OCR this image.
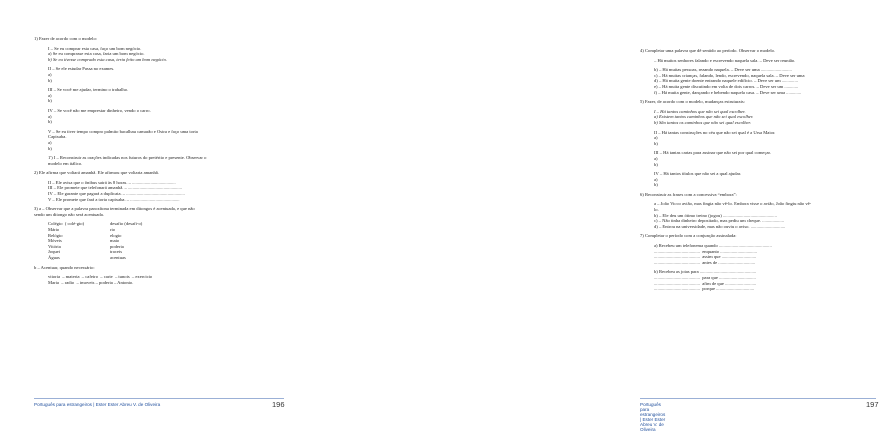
1) Fazer de acordo com o modelo:
I – Se eu comprar esta casa, faço um bom negócio.
a) Se eu comprasse esta casa, faria um bom negócio.
b) Se eu tivesse comprado esta casa, teria feito um bom negócio.
II – Se ele estudar Passa no exames.
a)
b)
III – Se você me ajudar, termino o trabalho.
a)
b)
IV – Se você não me emprestar dinheiro, vendo o carro.
a)
b)
V – Se eu tiver tempo compro palmito bacalhau camarão e Ostra e faço uma torta
Capixaba.
a)
b)
1') I – Reconstruir as orações indicadas nos futuros do pretérito e presente. Observar o
modelo em itálico.
2) Ele afirma que voltará amanhã. Ele afirmou que voltaria amanhã.
II – Ele avisa que o ônibus sairá às 8 horas. – ......................................
III – Ele promete que telefonará amanhã. – ...............................................
IV – Ele garante que pagará a duplicata. – ...................................................
V – Ele promete que fará a torta capixaba. – ...........................................
3) a – Observar que a palavra paroxítona terminada em ditongos é acentuada, e que não
sendo um ditongo não será acentuada.
Colégio  ( colé-gio)	desafio (desafi-o)
Mário	rio
Relógio	elogio
Móveis	maio
Vitória	poderia
Joquei	traceis
Águas	acentuas
b – Acentuar, quando necessário:
vitoria  – materia  – cafeiro  – carie  – tunois  – exercicio
Maria  – radio  – imoveis – poderia – Antonio.
Português para estrangeiros | Ester Ester Abreu V. de Oliveira	196
4) Completar uma palavra que dê sentido ao período. Observar o modelo.
– Há muitos senhores falando e escrevendo naquela sala. – Deve ser reunião.
b) – Há muitas pessoas, rezando naquela. – Deve ser uma ...........................
c) – Há muitas crianças, falando, lendo, escrevendo, naquela sala. – Deve ser uma
d) – Há muita gente doente entrando naquele edifício. – Deve ser um ..............
e) – Há muita gente discutindo em volta de dois carros. – Deve ser um ............
f) – Há muita gente, dançando e bebendo naquela casa. – Deve ser uma .............
5) Fazer, de acordo com o modelo, mudanças estruturais:
I – Há tantos caminhos que não sei qual escolher.
a) Existem tantos caminhos que não sei qual escolher.
b) São tantos os caminhos que não sei qual escolher.
II – Há tantas construções no céu que não sei qual é a Ursa Maior.
a)
b)
III – Há tantas cartas para assinar que não sei por qual começar.
a)
b)
IV – Há tantos títulos que não sei a qual ajudar.
a)
b)
6) Reconstruir as frases com a concessiva “embora”:
a – João Vicco avião, mas fingia não vê-lo. Embora visse o avião, João fingiu não vê-
lo.
b) – Ele deu um ótimo treino (jogou) ...............................................
c) – Não tinha dinheiro depositado, mas pediu um cheque. ...................
d) – Entrou na universidade, mas não ouviu o aviso. ..............................
7) Completar o período com a conjunção assinalada:
a) Recebeu um telefonema quando ..............................................
........................................  enquanto ................................
........................................  assim que ..............................
........................................  antes de ................................
b) Recebeu as joias para .................................................
........................................  para que ................................
........................................  afim de que ...........................
........................................  porque .................................
Português para estrangeiros | Ester Ester Abreu V. de Oliveira
197
